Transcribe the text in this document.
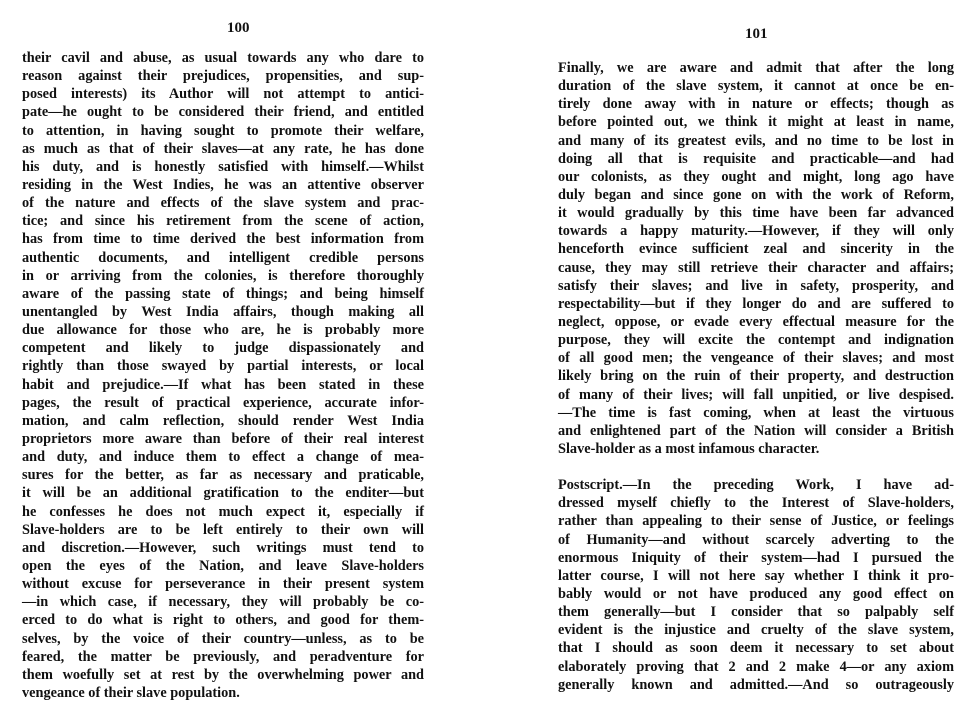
100
their cavil and abuse, as usual towards any who dare to
reason against their prejudices, propensities, and sup-
posed interests) its Author will not attempt to antici-
pate—he ought to be considered their friend, and entitled
to attention, in having sought to promote their welfare,
as much as that of their slaves—at any rate, he has done
his duty, and is honestly satisfied with himself.—Whilst
residing in the West Indies, he was an attentive observer
of the nature and effects of the slave system and prac-
tice; and since his retirement from the scene of action,
has from time to time derived the best information from
authentic documents, and intelligent credible persons
in or arriving from the colonies, is therefore thoroughly
aware of the passing state of things; and being himself
unentangled by West India affairs, though making all
due allowance for those who are, he is probably more
competent and likely to judge dispassionately and
rightly than those swayed by partial interests, or local
habit and prejudice.—If what has been stated in these
pages, the result of practical experience, accurate infor-
mation, and calm reflection, should render West India
proprietors more aware than before of their real interest
and duty, and induce them to effect a change of mea-
sures for the better, as far as necessary and praticable,
it will be an additional gratification to the enditer—but
he confesses he does not much expect it, especially if
Slave-holders are to be left entirely to their own will
and discretion.—However, such writings must tend to
open the eyes of the Nation, and leave Slave-holders
without excuse for perseverance in their present system
—in which case, if necessary, they will probably be co-
erced to do what is right to others, and good for them-
selves, by the voice of their country—unless, as to be
feared, the matter be previously, and peradventure for
them woefully set at rest by the overwhelming power and
vengeance of their slave population.
101
Finally, we are aware and admit that after the long
duration of the slave system, it cannot at once be en-
tirely done away with in nature or effects; though as
before pointed out, we think it might at least in name,
and many of its greatest evils, and no time to be lost in
doing all that is requisite and practicable—and had
our colonists, as they ought and might, long ago have
duly began and since gone on with the work of Reform,
it would gradually by this time have been far advanced
towards a happy maturity.—However, if they will only
henceforth evince sufficient zeal and sincerity in the
cause, they may still retrieve their character and affairs;
satisfy their slaves; and live in safety, prosperity, and
respectability—but if they longer do and are suffered to
neglect, oppose, or evade every effectual measure for the
purpose, they will excite the contempt and indignation
of all good men; the vengeance of their slaves; and most
likely bring on the ruin of their property, and destruction
of many of their lives; will fall unpitied, or live despised.
—The time is fast coming, when at least the virtuous
and enlightened part of the Nation will consider a British
Slave-holder as a most infamous character.
Postscript.—In the preceding Work, I have ad-
dressed myself chiefly to the Interest of Slave-holders,
rather than appealing to their sense of Justice, or feelings
of Humanity—and without scarcely adverting to the
enormous Iniquity of their system—had I pursued the
latter course, I will not here say whether I think it pro-
bably would or not have produced any good effect on
them generally—but I consider that so palpably self
evident is the injustice and cruelty of the slave system,
that I should as soon deem it necessary to set about
elaborately proving that 2 and 2 make 4—or any axiom
generally known and admitted.—And so outrageously
